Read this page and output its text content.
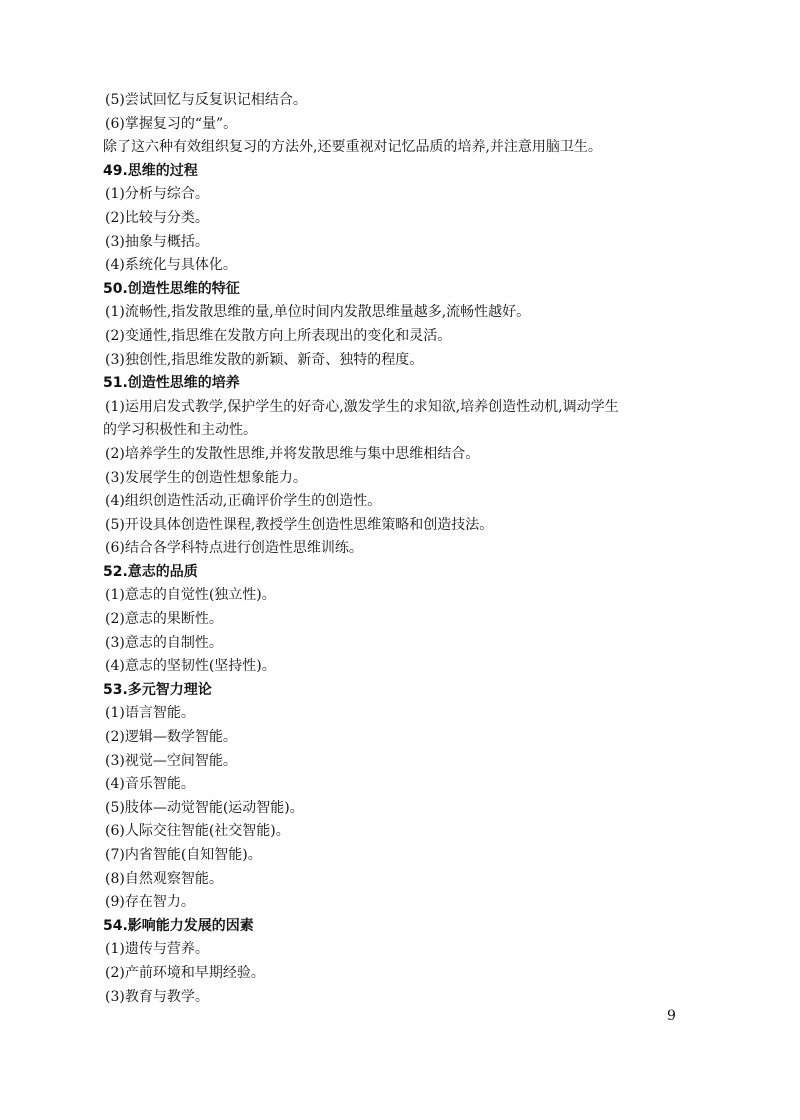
(5)尝试回忆与反复识记相结合。

(6)掌握复习的“量”。

除了这六种有效组织复习的方法外,还要重视对记忆品质的培养,并注意用脑卫生。

49.思维的过程

(1)分析与综合。

(2)比较与分类。

(3)抽象与概括。

(4)系统化与具体化。

50.创造性思维的特征

(1)流畅性,指发散思维的量,单位时间内发散思维量越多,流畅性越好。

(2)变通性,指思维在发散方向上所表现出的变化和灵活。

(3)独创性,指思维发散的新颖、新奇、独特的程度。

51.创造性思维的培养

(1)运用启发式教学,保护学生的好奇心,激发学生的求知欲,培养创造性动机,调动学生

的学习积极性和主动性。

(2)培养学生的发散性思维,并将发散思维与集中思维相结合。

(3)发展学生的创造性想象能力。

(4)组织创造性活动,正确评价学生的创造性。

(5)开设具体创造性课程,教授学生创造性思维策略和创造技法。

(6)结合各学科特点进行创造性思维训练。

52.意志的品质

(1)意志的自觉性(独立性)。

(2)意志的果断性。

(3)意志的自制性。

(4)意志的坚韧性(坚持性)。

53.多元智力理论

(1)语言智能。

(2)逻辑—数学智能。

(3)视觉—空间智能。

(4)音乐智能。

(5)肢体—动觉智能(运动智能)。

(6)人际交往智能(社交智能)。

(7)内省智能(自知智能)。

(8)自然观察智能。

(9)存在智力。

54.影响能力发展的因素

(1)遗传与营养。

(2)产前环境和早期经验。

(3)教育与教学。

9
